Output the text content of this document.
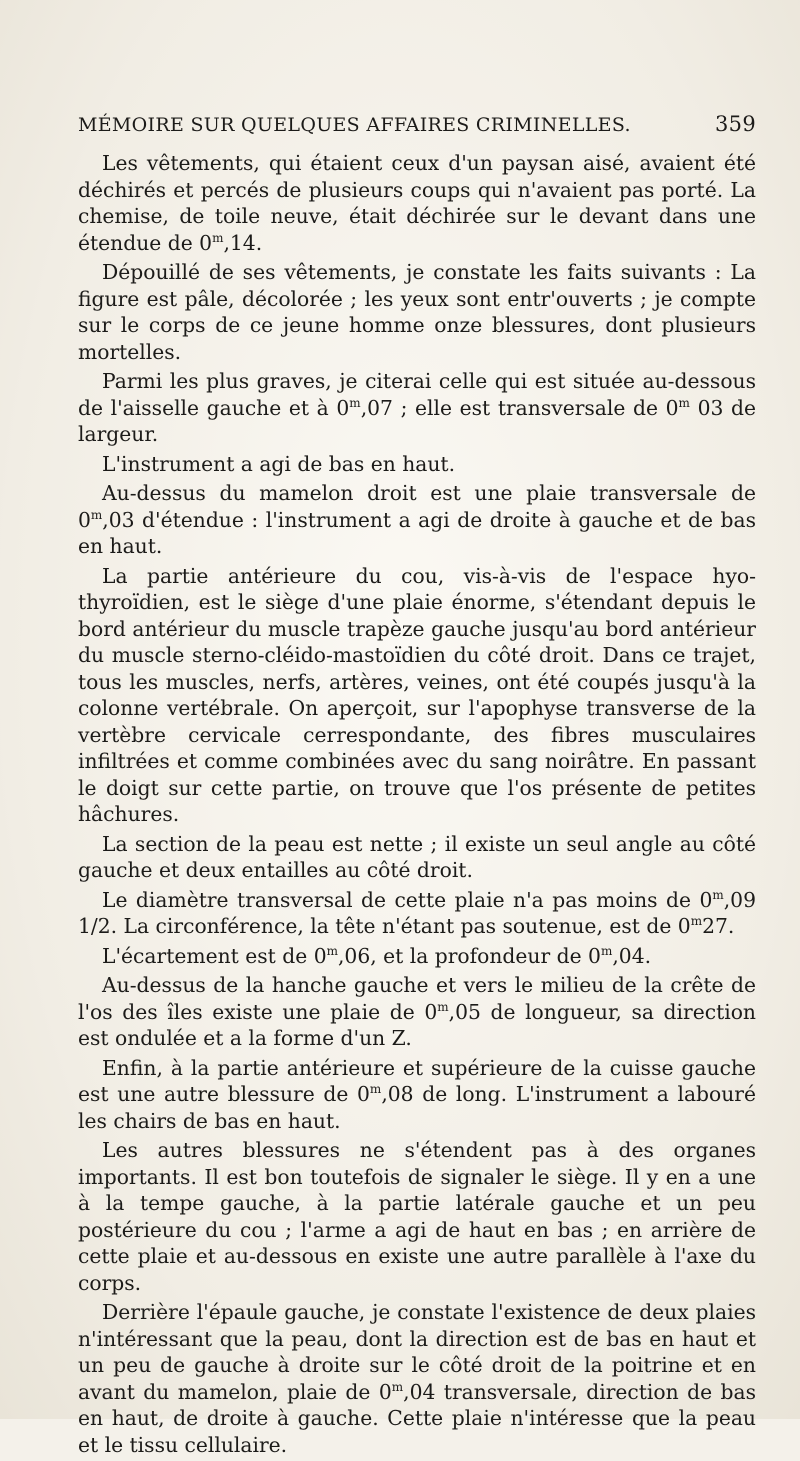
MÉMOIRE SUR QUELQUES AFFAIRES CRIMINELLES.	359

Les vêtements, qui étaient ceux d'un paysan aisé, avaient été déchirés et percés de plusieurs coups qui n'avaient pas porté. La chemise, de toile neuve, était déchirée sur le devant dans une étendue de 0$^m$,14.

Dépouillé de ses vêtements, je constate les faits suivants : La figure est pâle, décolorée ; les yeux sont entr'ouverts ; je compte sur le corps de ce jeune homme onze blessures, dont plusieurs mortelles.

Parmi les plus graves, je citerai celle qui est située au-dessous de l'aisselle gauche et à 0$^m$,07 ; elle est transversale de 0$^m$ 03 de largeur.

L'instrument a agi de bas en haut.

Au-dessus du mamelon droit est une plaie transversale de 0$^m$,03 d'étendue : l'instrument a agi de droite à gauche et de bas en haut.

La partie antérieure du cou, vis-à-vis de l'espace hyo-thyroïdien, est le siège d'une plaie énorme, s'étendant depuis le bord antérieur du muscle trapèze gauche jusqu'au bord antérieur du muscle sterno-cléido-mastoïdien du côté droit. Dans ce trajet, tous les muscles, nerfs, artères, veines, ont été coupés jusqu'à la colonne vertébrale. On aperçoit, sur l'apophyse transverse de la vertèbre cervicale cerrespondante, des fibres musculaires infiltrées et comme combinées avec du sang noirâtre. En passant le doigt sur cette partie, on trouve que l'os présente de petites hâchures.

La section de la peau est nette ; il existe un seul angle au côté gauche et deux entailles au côté droit.

Le diamètre transversal de cette plaie n'a pas moins de 0$^m$,09 1/2. La circonférence, la tête n'étant pas soutenue, est de 0$^m$27.

L'écartement est de 0$^m$,06, et la profondeur de 0$^m$,04.

Au-dessus de la hanche gauche et vers le milieu de la crête de l'os des îles existe une plaie de 0$^m$,05 de longueur, sa direction est ondulée et a la forme d'un Z.

Enfin, à la partie antérieure et supérieure de la cuisse gauche est une autre blessure de 0$^m$,08 de long. L'instrument a labouré les chairs de bas en haut.

Les autres blessures ne s'étendent pas à des organes importants. Il est bon toutefois de signaler le siège. Il y en a une à la tempe gauche, à la partie latérale gauche et un peu postérieure du cou ; l'arme a agi de haut en bas ; en arrière de cette plaie et au-dessous en existe une autre parallèle à l'axe du corps.

Derrière l'épaule gauche, je constate l'existence de deux plaies n'intéressant que la peau, dont la direction est de bas en haut et un peu de gauche à droite sur le côté droit de la poitrine et en avant du mamelon, plaie de 0$^m$,04 transversale, direction de bas en haut, de droite à gauche. Cette plaie n'intéresse que la peau et le tissu cellulaire.
